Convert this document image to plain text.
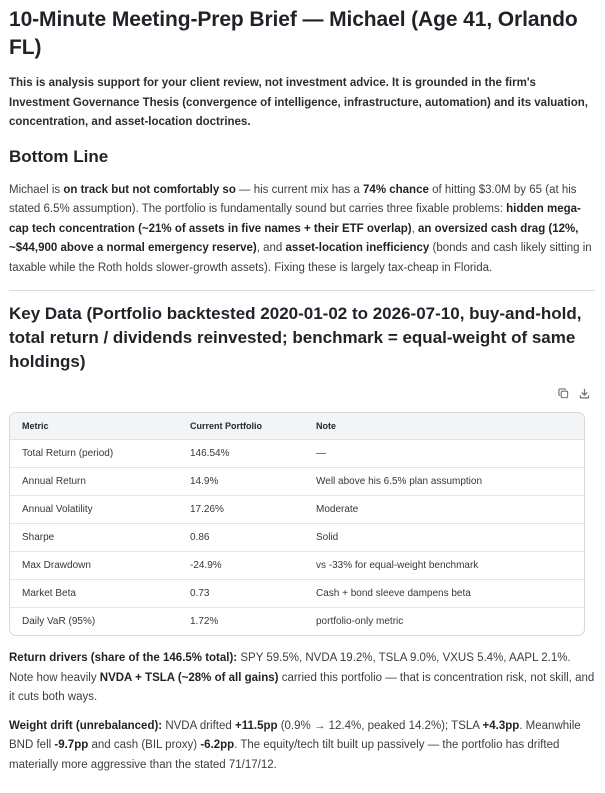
10-Minute Meeting-Prep Brief — Michael (Age 41, Orlando FL)

This is analysis support for your client review, not investment advice. It is grounded in the firm's Investment Governance Thesis (convergence of intelligence, infrastructure, automation) and its valuation, concentration, and asset-location doctrines.

Bottom Line

Michael is on track but not comfortably so — his current mix has a 74% chance of hitting $3.0M by 65 (at his stated 6.5% assumption). The portfolio is fundamentally sound but carries three fixable problems: hidden mega-cap tech concentration (~21% of assets in five names + their ETF overlap), an oversized cash drag (12%, ~$44,900 above a normal emergency reserve), and asset-location inefficiency (bonds and cash likely sitting in taxable while the Roth holds slower-growth assets). Fixing these is largely tax-cheap in Florida.

Key Data (Portfolio backtested 2020-01-02 to 2026-07-10, buy-and-hold, total return / dividends reinvested; benchmark = equal-weight of same holdings)
Metric	Current Portfolio	Note
Total Return (period)	146.54%	—
Annual Return	14.9%	Well above his 6.5% plan assumption
Annual Volatility	17.26%	Moderate
Sharpe	0.86	Solid
Max Drawdown	-24.9%	vs -33% for equal-weight benchmark
Market Beta	0.73	Cash + bond sleeve dampens beta
Daily VaR (95%)	1.72%	portfolio-only metric

Return drivers (share of the 146.5% total): SPY 59.5%, NVDA 19.2%, TSLA 9.0%, VXUS 5.4%, AAPL 2.1%. Note how heavily NVDA + TSLA (~28% of all gains) carried this portfolio — that is concentration risk, not skill, and it cuts both ways.

Weight drift (unrebalanced): NVDA drifted +11.5pp (0.9% → 12.4%, peaked 14.2%); TSLA +4.3pp. Meanwhile BND fell -9.7pp and cash (BIL proxy) -6.2pp. The equity/tech tilt built up passively — the portfolio has drifted materially more aggressive than the stated 71/17/12.
